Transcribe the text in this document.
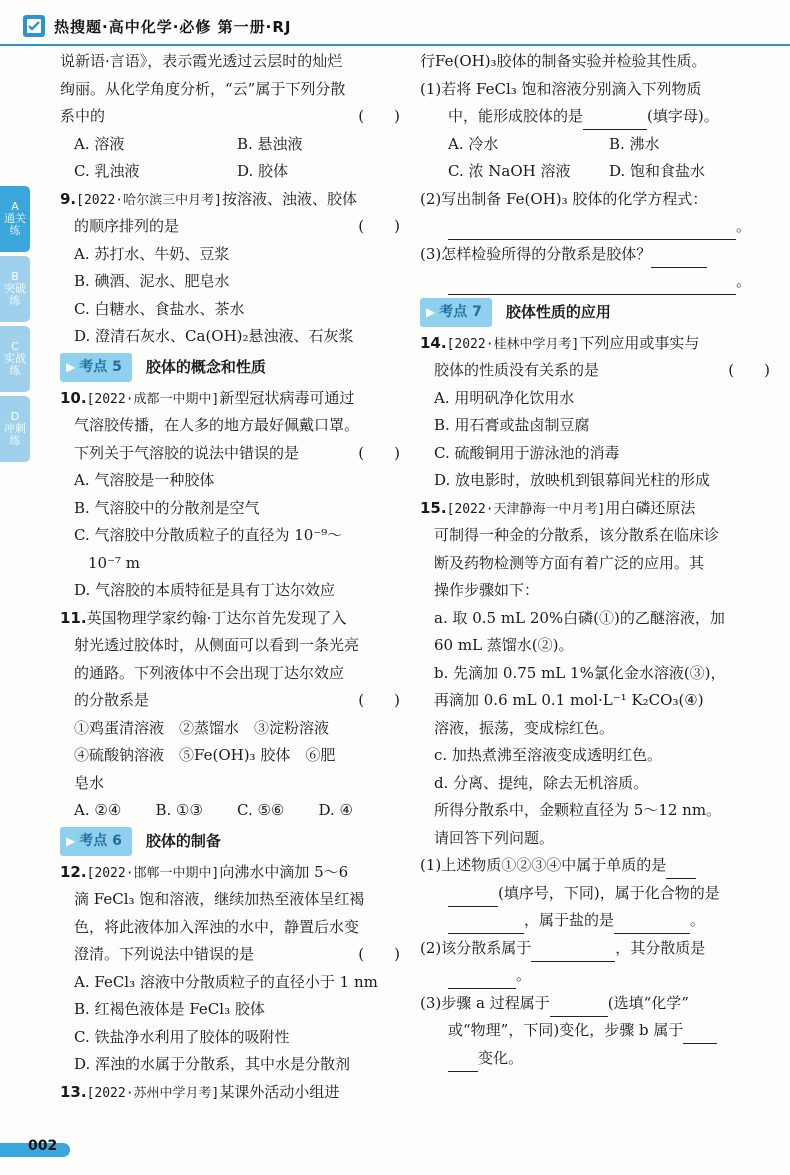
热搜题·高中化学·必修 第一册·RJ
A
通关练
B
突破练
C
实战练
D
冲刺练
说新语·言语》，表示霞光透过云层时的灿烂
绚丽。从化学角度分析，“云”属于下列分散
系中的	(　　)
A. 溶液	B. 悬浊液
C. 乳浊液	D. 胶体
9.[2022·哈尔滨三中月考]按溶液、浊液、胶体
的顺序排列的是	(　　)
A. 苏打水、牛奶、豆浆
B. 碘酒、泥水、肥皂水
C. 白糖水、食盐水、茶水
D. 澄清石灰水、Ca(OH)₂悬浊液、石灰浆
▶ 考点 5 胶体的概念和性质
10.[2022·成都一中期中]新型冠状病毒可通过
气溶胶传播，在人多的地方最好佩戴口罩。
下列关于气溶胶的说法中错误的是	(　　)
A. 气溶胶是一种胶体
B. 气溶胶中的分散剂是空气
C. 气溶胶中分散质粒子的直径为 10⁻⁹～
10⁻⁷ m
D. 气溶胶的本质特征是具有丁达尔效应
11.英国物理学家约翰·丁达尔首先发现了入
射光透过胶体时，从侧面可以看到一条光亮
的通路。下列液体中不会出现丁达尔效应
的分散系是	(　　)
①鸡蛋清溶液　②蒸馏水　③淀粉溶液
④硫酸钠溶液　⑤Fe(OH)₃ 胶体　⑥肥
皂水
A. ②④	B. ①③	C. ⑤⑥	D. ④
▶ 考点 6 胶体的制备
12.[2022·邯郸一中期中]向沸水中滴加 5～6
滴 FeCl₃ 饱和溶液，继续加热至液体呈红褐
色，将此液体加入浑浊的水中，静置后水变
澄清。下列说法中错误的是	(　　)
A. FeCl₃ 溶液中分散质粒子的直径小于 1 nm
B. 红褐色液体是 FeCl₃ 胶体
C. 铁盐净水利用了胶体的吸附性
D. 浑浊的水属于分散系，其中水是分散剂
13.[2022·苏州中学月考]某课外活动小组进
行Fe(OH)₃胶体的制备实验并检验其性质。
(1)若将 FeCl₃ 饱和溶液分别滴入下列物质
中，能形成胶体的是	(填字母)。
A. 冷水	B. 沸水
C. 浓 NaOH 溶液	D. 饱和食盐水
(2)写出制备 Fe(OH)₃ 胶体的化学方程式：
。
(3)怎样检验所得的分散系是胶体？
。
▶ 考点 7 胶体性质的应用
14.[2022·桂林中学月考]下列应用或事实与
胶体的性质没有关系的是	(　　)
A. 用明矾净化饮用水
B. 用石膏或盐卤制豆腐
C. 硫酸铜用于游泳池的消毒
D. 放电影时，放映机到银幕间光柱的形成
15.[2022·天津静海一中月考]用白磷还原法
可制得一种金的分散系，该分散系在临床诊
断及药物检测等方面有着广泛的应用。其
操作步骤如下：
a. 取 0.5 mL 20%白磷(①)的乙醚溶液，加
60 mL 蒸馏水(②)。
b. 先滴加 0.75 mL 1%氯化金水溶液(③)，
再滴加 0.6 mL 0.1 mol·L⁻¹ K₂CO₃(④)
溶液，振荡，变成棕红色。
c. 加热煮沸至溶液变成透明红色。
d. 分离、提纯，除去无机溶质。
所得分散系中，金颗粒直径为 5～12 nm。
请回答下列问题。
(1)上述物质①②③④中属于单质的是
(填序号，下同)，属于化合物的是
，属于盐的是	。
(2)该分散系属于	，其分散质是
。
(3)步骤 a 过程属于	(选填“化学”
或“物理”，下同)变化，步骤 b 属于
变化。
002
